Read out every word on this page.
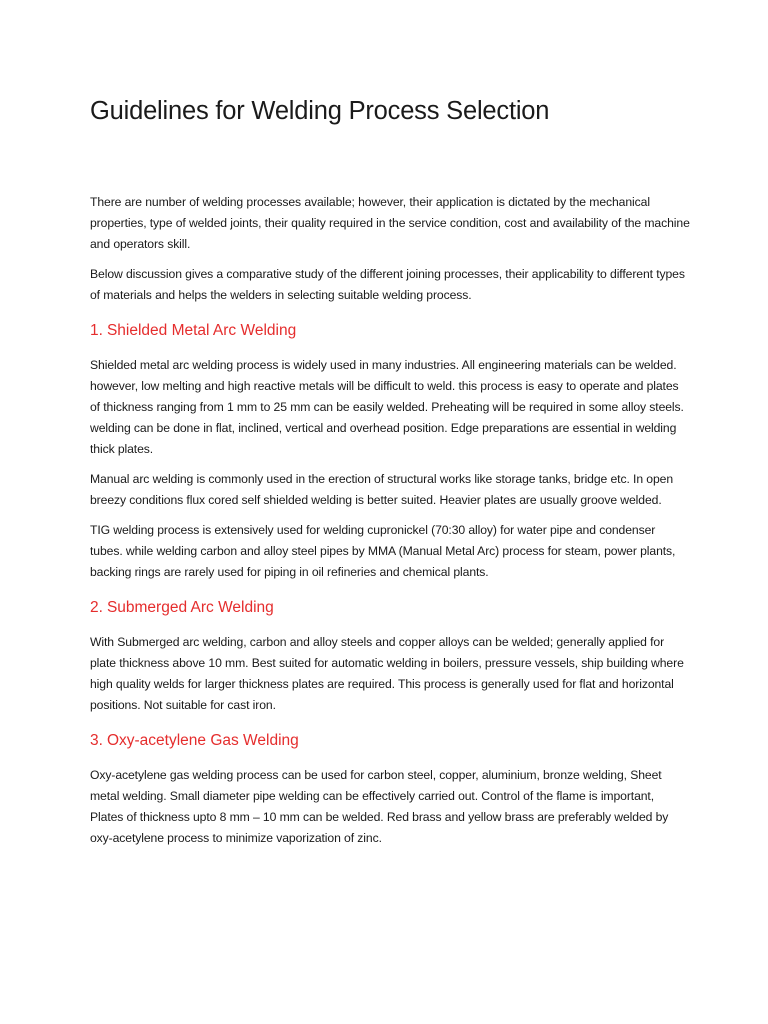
Guidelines for Welding Process Selection

There are number of welding processes available; however, their application is dictated by the mechanical properties, type of welded joints, their quality required in the service condition, cost and availability of the machine and operators skill.

Below discussion gives a comparative study of the different joining processes, their applicability to different types of materials and helps the welders in selecting suitable welding process.

1. Shielded Metal Arc Welding

Shielded metal arc welding process is widely used in many industries. All engineering materials can be welded. however, low melting and high reactive metals will be difficult to weld. this process is easy to operate and plates of thickness ranging from 1 mm to 25 mm can be easily welded. Preheating will be required in some alloy steels. welding can be done in flat, inclined, vertical and overhead position. Edge preparations are essential in welding thick plates.

Manual arc welding is commonly used in the erection of structural works like storage tanks, bridge etc. In open breezy conditions flux cored self shielded welding is better suited. Heavier plates are usually groove welded.

TIG welding process is extensively used for welding cupronickel (70:30 alloy) for water pipe and condenser tubes. while welding carbon and alloy steel pipes by MMA (Manual Metal Arc) process for steam, power plants, backing rings are rarely used for piping in oil refineries and chemical plants.

2. Submerged Arc Welding

With Submerged arc welding, carbon and alloy steels and copper alloys can be welded; generally applied for plate thickness above 10 mm. Best suited for automatic welding in boilers, pressure vessels, ship building where high quality welds for larger thickness plates are required. This process is generally used for flat and horizontal positions. Not suitable for cast iron.

3. Oxy-acetylene Gas Welding

Oxy-acetylene gas welding process can be used for carbon steel, copper, aluminium, bronze welding, Sheet metal welding. Small diameter pipe welding can be effectively carried out. Control of the flame is important, Plates of thickness upto 8 mm – 10 mm can be welded. Red brass and yellow brass are preferably welded by oxy-acetylene process to minimize vaporization of zinc.
